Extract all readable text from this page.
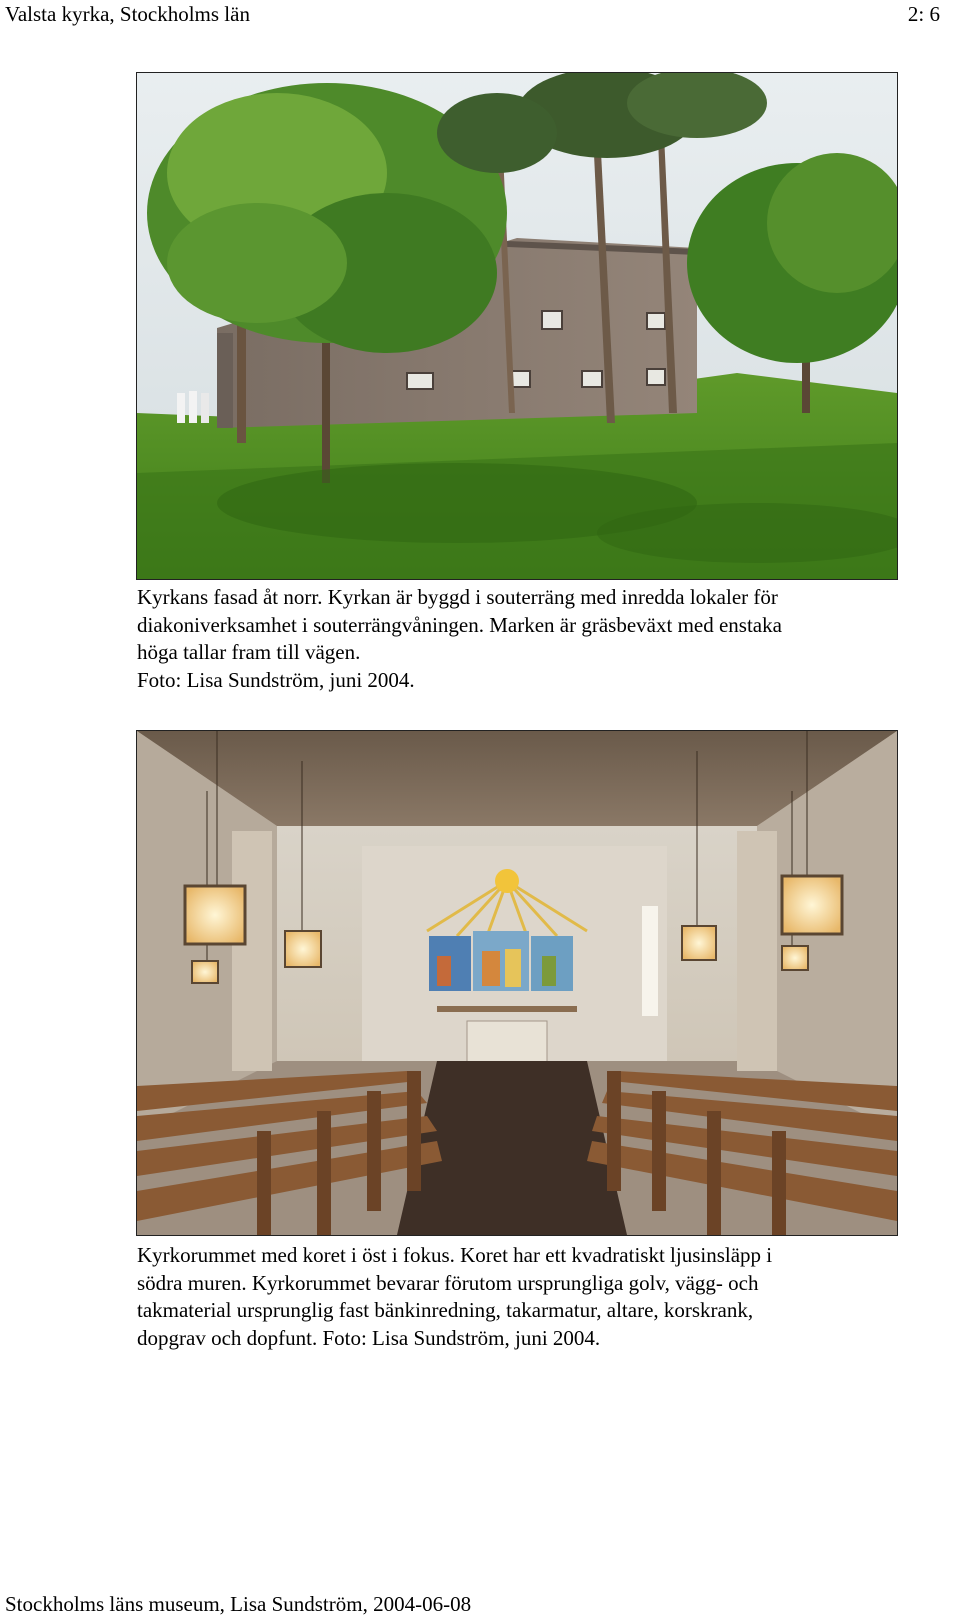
Valsta kyrka, Stockholms län	2: 6

Kyrkans fasad åt norr. Kyrkan är byggd i souterräng med inredda lokaler för

diakoniverksamhet i souterrängvåningen. Marken är gräsbeväxt med enstaka

höga tallar fram till vägen.

Foto: Lisa Sundström, juni 2004.

Kyrkorummet med koret i öst i fokus. Koret har ett kvadratiskt ljusinsläpp i

södra muren. Kyrkorummet bevarar förutom ursprungliga golv, vägg- och

takmaterial ursprunglig fast bänkinredning, takarmatur, altare, korskrank,

dopgrav och dopfunt. Foto: Lisa Sundström, juni 2004.

Stockholms läns museum, Lisa Sundström, 2004-06-08
